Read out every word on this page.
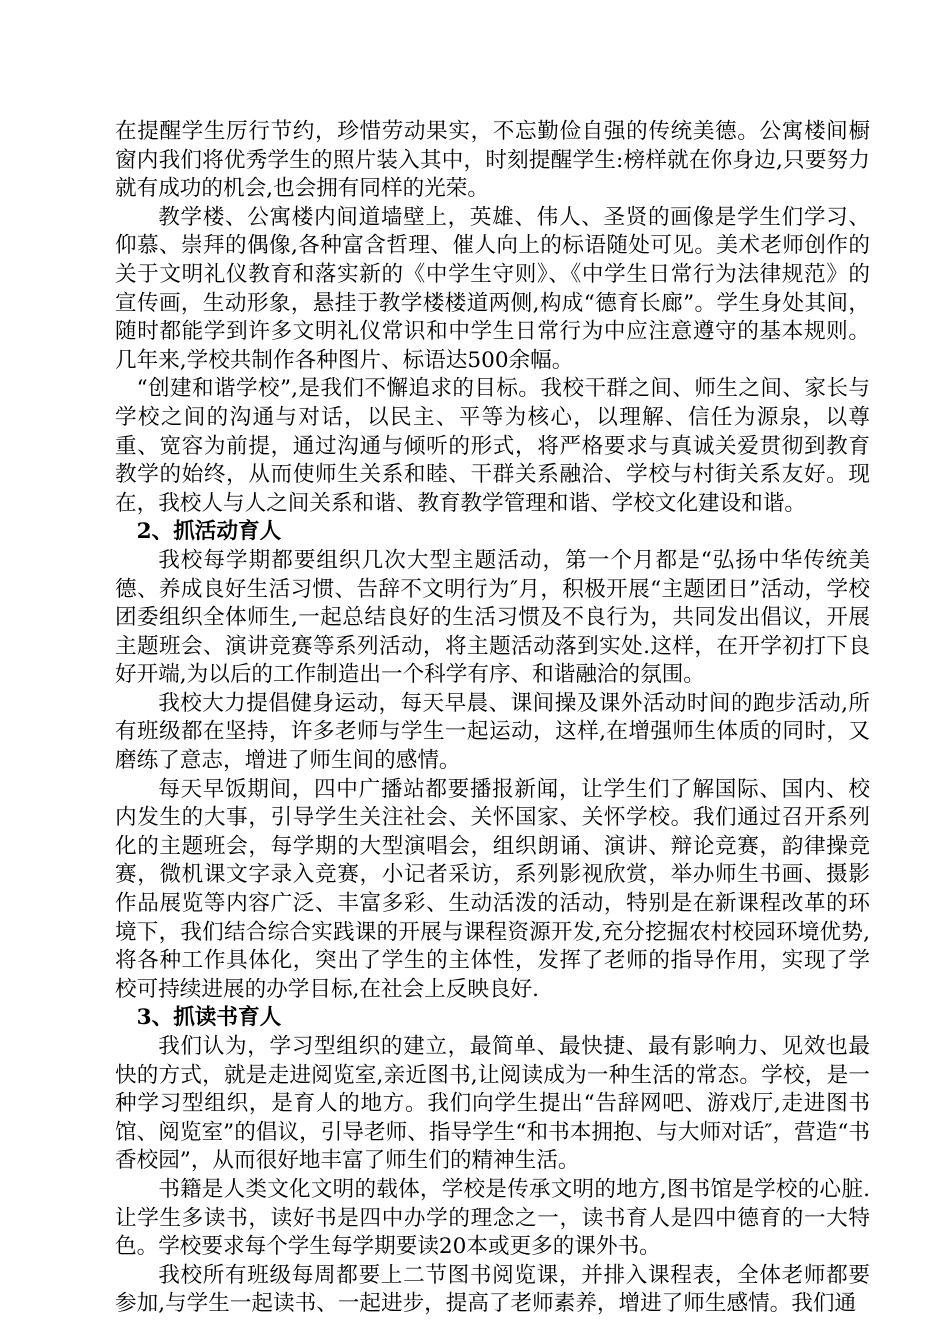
在提醒学生厉行节约，珍惜劳动果实，不忘勤俭自强的传统美德。公寓楼间橱窗内我们将优秀学生的照片装入其中，时刻提醒学生:榜样就在你身边,只要努力就有成功的机会,也会拥有同样的光荣。

教学楼、公寓楼内间道墙壁上，英雄、伟人、圣贤的画像是学生们学习、仰慕、崇拜的偶像,各种富含哲理、催人向上的标语随处可见。美术老师创作的关于文明礼仪教育和落实新的《中学生守则》、《中学生日常行为法律规范》的宣传画，生动形象，悬挂于教学楼楼道两侧,构成“德育长廊”。学生身处其间，随时都能学到许多文明礼仪常识和中学生日常行为中应注意遵守的基本规则。几年来,学校共制作各种图片、标语达500余幅。

“创建和谐学校”,是我们不懈追求的目标。我校干群之间、师生之间、家长与学校之间的沟通与对话，以民主、平等为核心，以理解、信任为源泉，以尊重、宽容为前提，通过沟通与倾听的形式，将严格要求与真诚关爱贯彻到教育教学的始终，从而使师生关系和睦、干群关系融洽、学校与村街关系友好。现在，我校人与人之间关系和谐、教育教学管理和谐、学校文化建设和谐。

2、抓活动育人

我校每学期都要组织几次大型主题活动，第一个月都是“弘扬中华传统美德、养成良好生活习惯、告辞不文明行为″月，积极开展“主题团日”活动，学校团委组织全体师生,一起总结良好的生活习惯及不良行为，共同发出倡议，开展主题班会、演讲竞赛等系列活动，将主题活动落到实处.这样，在开学初打下良好开端,为以后的工作制造出一个科学有序、和谐融洽的氛围。

我校大力提倡健身运动，每天早晨、课间操及课外活动时间的跑步活动,所有班级都在坚持，许多老师与学生一起运动，这样,在增强师生体质的同时，又磨练了意志，增进了师生间的感情。

每天早饭期间，四中广播站都要播报新闻，让学生们了解国际、国内、校内发生的大事，引导学生关注社会、关怀国家、关怀学校。我们通过召开系列化的主题班会，每学期的大型演唱会，组织朗诵、演讲、辩论竞赛，韵律操竞赛，微机课文字录入竞赛，小记者采访，系列影视欣赏，举办师生书画、摄影作品展览等内容广泛、丰富多彩、生动活泼的活动，特别是在新课程改革的环境下，我们结合综合实践课的开展与课程资源开发,充分挖掘农村校园环境优势,将各种工作具体化，突出了学生的主体性，发挥了老师的指导作用，实现了学校可持续进展的办学目标,在社会上反映良好.

3、抓读书育人

我们认为，学习型组织的建立，最简单、最快捷、最有影响力、见效也最快的方式，就是走进阅览室,亲近图书,让阅读成为一种生活的常态。学校，是一种学习型组织，是育人的地方。我们向学生提出“告辞网吧、游戏厅,走进图书馆、阅览室”的倡议，引导老师、指导学生“和书本拥抱、与大师对话″，营造“书香校园”，从而很好地丰富了师生们的精神生活。

书籍是人类文化文明的载体，学校是传承文明的地方,图书馆是学校的心脏.让学生多读书，读好书是四中办学的理念之一，读书育人是四中德育的一大特色。学校要求每个学生每学期要读20本或更多的课外书。

我校所有班级每周都要上二节图书阅览课，并排入课程表，全体老师都要参加,与学生一起读书、一起进步，提高了老师素养，增进了师生感情。我们通
